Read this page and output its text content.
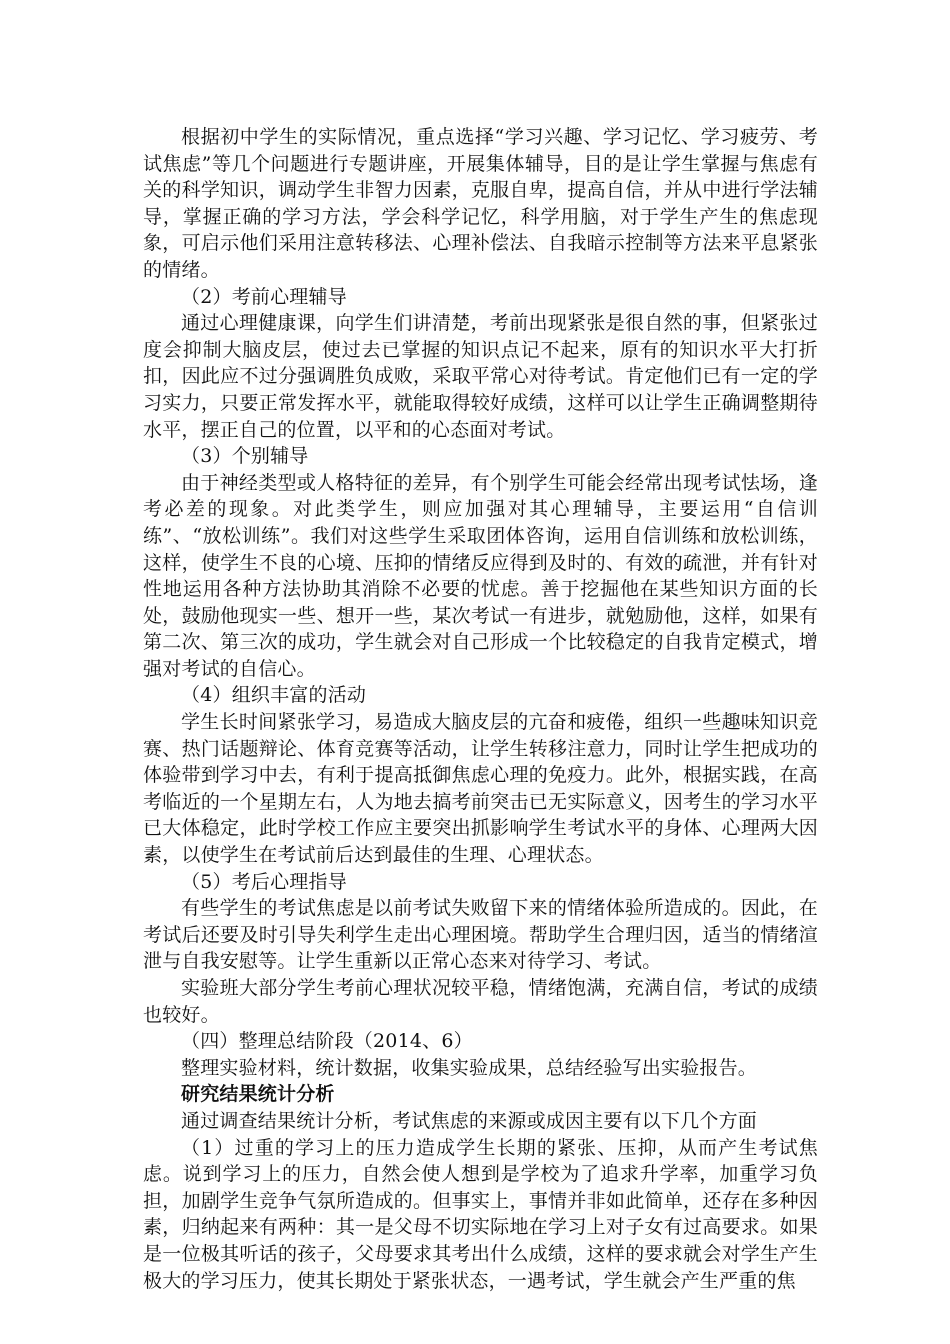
根据初中学生的实际情况，重点选择“学习兴趣、学习记忆、学习疲劳、考试焦虑”等几个问题进行专题讲座，开展集体辅导，目的是让学生掌握与焦虑有关的科学知识，调动学生非智力因素，克服自卑，提高自信，并从中进行学法辅导，掌握正确的学习方法，学会科学记忆，科学用脑，对于学生产生的焦虑现象，可启示他们采用注意转移法、心理补偿法、自我暗示控制等方法来平息紧张的情绪。

（2）考前心理辅导

通过心理健康课，向学生们讲清楚，考前出现紧张是很自然的事，但紧张过度会抑制大脑皮层，使过去已掌握的知识点记不起来，原有的知识水平大打折扣，因此应不过分强调胜负成败，采取平常心对待考试。肯定他们已有一定的学习实力，只要正常发挥水平，就能取得较好成绩，这样可以让学生正确调整期待水平，摆正自己的位置，以平和的心态面对考试。

（3）个别辅导

由于神经类型或人格特征的差异，有个别学生可能会经常出现考试怯场，逢考必差的现象。对此类学生，则应加强对其心理辅导，主要运用“自信训练”、“放松训练”。我们对这些学生采取团体咨询，运用自信训练和放松训练，这样，使学生不良的心境、压抑的情绪反应得到及时的、有效的疏泄，并有针对性地运用各种方法协助其消除不必要的忧虑。善于挖掘他在某些知识方面的长处，鼓励他现实一些、想开一些，某次考试一有进步，就勉励他，这样，如果有第二次、第三次的成功，学生就会对自己形成一个比较稳定的自我肯定模式，增强对考试的自信心。

（4）组织丰富的活动

学生长时间紧张学习，易造成大脑皮层的亢奋和疲倦，组织一些趣味知识竞赛、热门话题辩论、体育竞赛等活动，让学生转移注意力，同时让学生把成功的体验带到学习中去，有利于提高抵御焦虑心理的免疫力。此外，根据实践，在高考临近的一个星期左右，人为地去搞考前突击已无实际意义，因考生的学习水平已大体稳定，此时学校工作应主要突出抓影响学生考试水平的身体、心理两大因素，以使学生在考试前后达到最佳的生理、心理状态。

（5）考后心理指导

有些学生的考试焦虑是以前考试失败留下来的情绪体验所造成的。因此，在考试后还要及时引导失利学生走出心理困境。帮助学生合理归因，适当的情绪渲泄与自我安慰等。让学生重新以正常心态来对待学习、考试。

实验班大部分学生考前心理状况较平稳，情绪饱满，充满自信，考试的成绩也较好。

（四）整理总结阶段（2014、6）

整理实验材料，统计数据，收集实验成果，总结经验写出实验报告。

研究结果统计分析

通过调查结果统计分析，考试焦虑的来源或成因主要有以下几个方面

（1）过重的学习上的压力造成学生长期的紧张、压抑，从而产生考试焦虑。说到学习上的压力，自然会使人想到是学校为了追求升学率，加重学习负担，加剧学生竞争气氛所造成的。但事实上，事情并非如此简单，还存在多种因素，归纳起来有两种：其一是父母不切实际地在学习上对子女有过高要求。如果是一位极其听话的孩子，父母要求其考出什么成绩，这样的要求就会对学生产生极大的学习压力，使其长期处于紧张状态，一遇考试，学生就会产生严重的焦
